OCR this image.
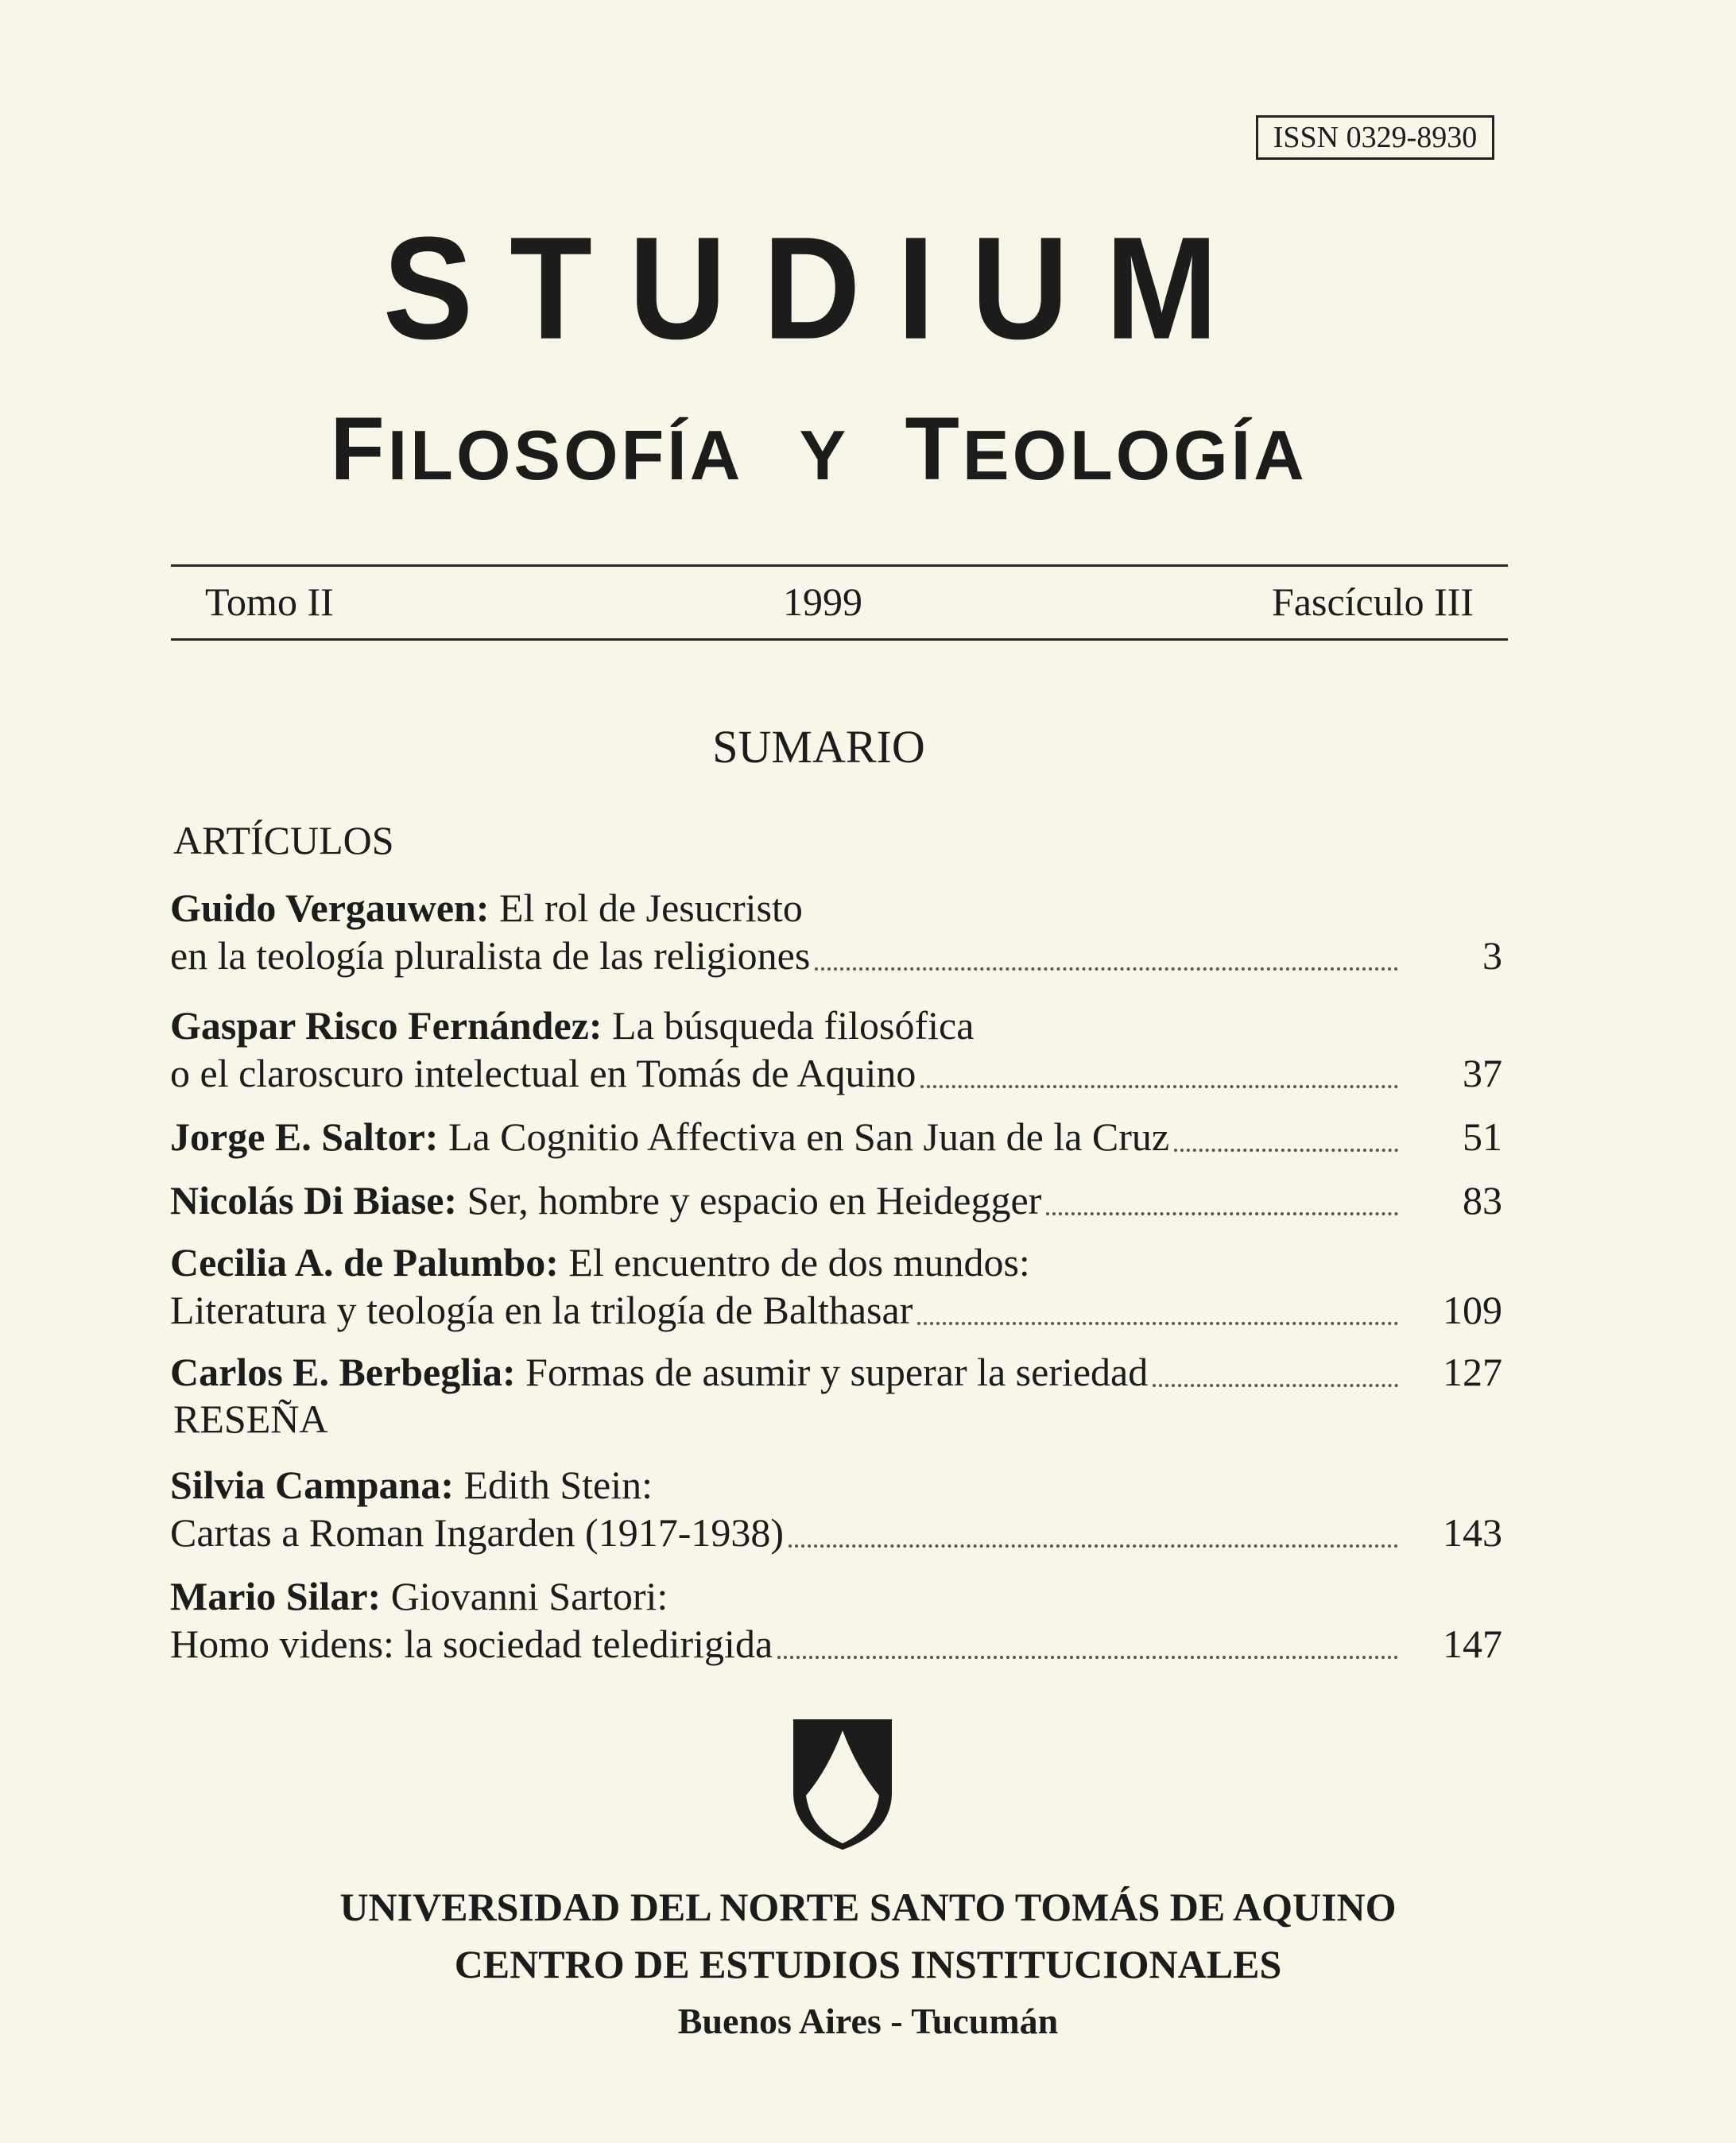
ISSN 0329-8930
STUDIUM
FILOSOFÍA Y TEOLOGÍA
Tomo II	1999	Fascículo III
SUMARIO
ARTÍCULOS
Guido Vergauwen: El rol de Jesucristo
en la teología pluralista de las religiones	3
Gaspar Risco Fernández: La búsqueda filosófica
o el claroscuro intelectual en Tomás de Aquino	37
Jorge E. Saltor: La Cognitio Affectiva en San Juan de la Cruz	51
Nicolás Di Biase: Ser, hombre y espacio en Heidegger	83
Cecilia A. de Palumbo: El encuentro de dos mundos:
Literatura y teología en la trilogía de Balthasar	109
Carlos E. Berbeglia: Formas de asumir y superar la seriedad	127
RESEÑA
Silvia Campana: Edith Stein:
Cartas a Roman Ingarden (1917-1938)	143
Mario Silar: Giovanni Sartori:
Homo videns: la sociedad teledirigida	147
UNIVERSIDAD DEL NORTE SANTO TOMÁS DE AQUINO
CENTRO DE ESTUDIOS INSTITUCIONALES
Buenos Aires - Tucumán
